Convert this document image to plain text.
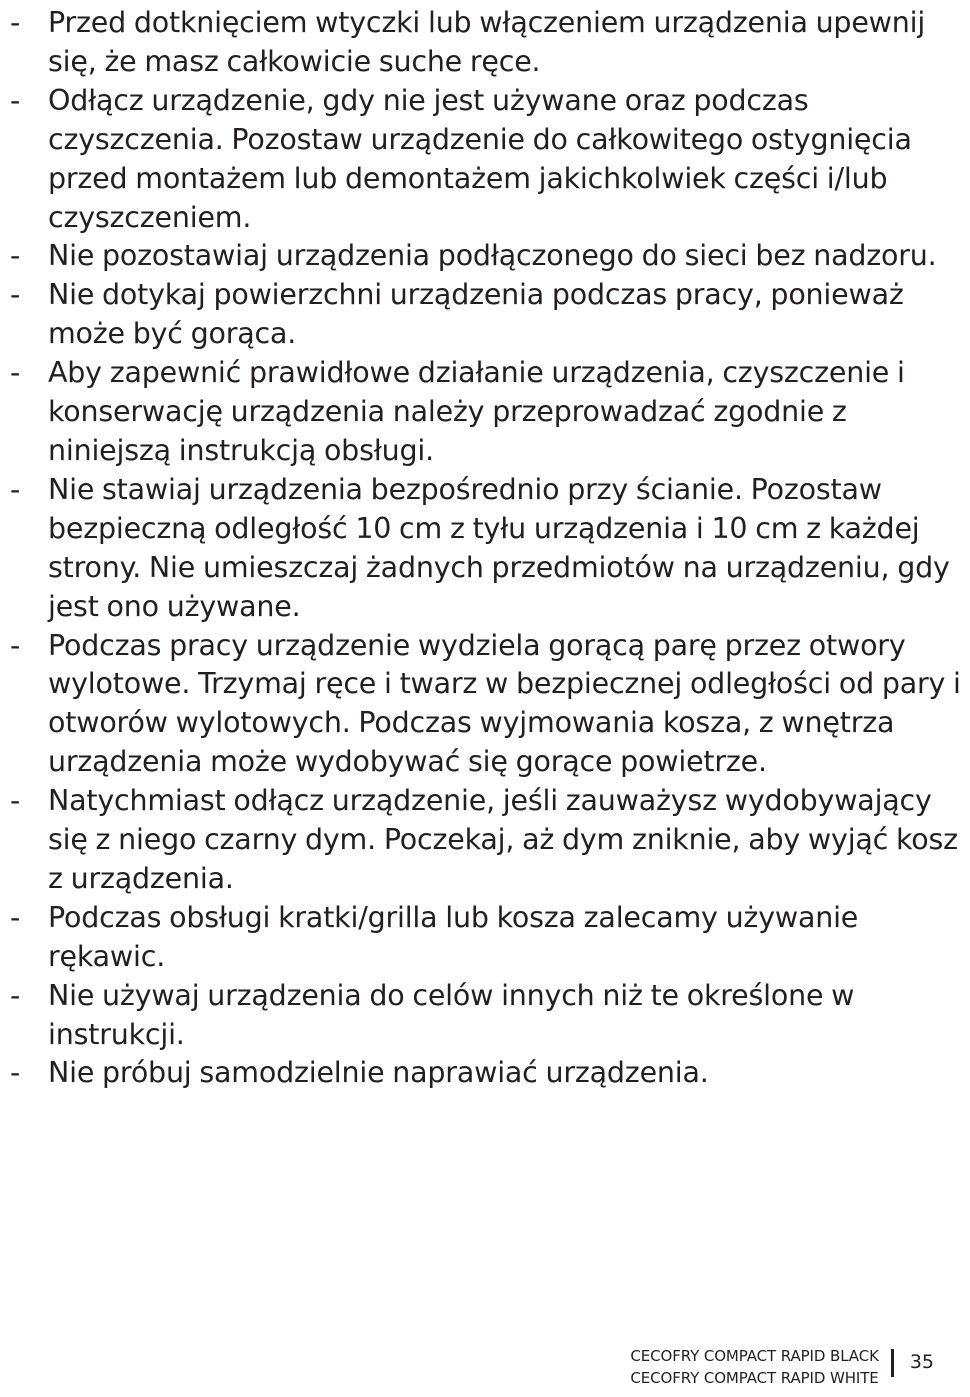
- Przed dotknięciem wtyczki lub włączeniem urządzenia upewnij się, że masz całkowicie suche ręce.
- Odłącz urządzenie, gdy nie jest używane oraz podczas czyszczenia. Pozostaw urządzenie do całkowitego ostygnięcia przed montażem lub demontażem jakichkolwiek części i/lub czyszczeniem.
- Nie pozostawiaj urządzenia podłączonego do sieci bez nadzoru.
- Nie dotykaj powierzchni urządzenia podczas pracy, ponieważ może być gorąca.
- Aby zapewnić prawidłowe działanie urządzenia, czyszczenie i konserwację urządzenia należy przeprowadzać zgodnie z niniejszą instrukcją obsługi.
- Nie stawiaj urządzenia bezpośrednio przy ścianie. Pozostaw bezpieczną odległość 10 cm z tyłu urządzenia i 10 cm z każdej strony. Nie umieszczaj żadnych przedmiotów na urządzeniu, gdy jest ono używane.
- Podczas pracy urządzenie wydziela gorącą parę przez otwory wylotowe. Trzymaj ręce i twarz w bezpiecznej odległości od pary i otworów wylotowych. Podczas wyjmowania kosza, z wnętrza urządzenia może wydobywać się gorące powietrze.
- Natychmiast odłącz urządzenie, jeśli zauważysz wydobywający się z niego czarny dym. Poczekaj, aż dym zniknie, aby wyjąć kosz z urządzenia.
- Podczas obsługi kratki/grilla lub kosza zalecamy używanie rękawic.
- Nie używaj urządzenia do celów innych niż te określone w instrukcji.
- Nie próbuj samodzielnie naprawiać urządzenia.
CECOFRY COMPACT RAPID BLACK
CECOFRY COMPACT RAPID WHITE
35
